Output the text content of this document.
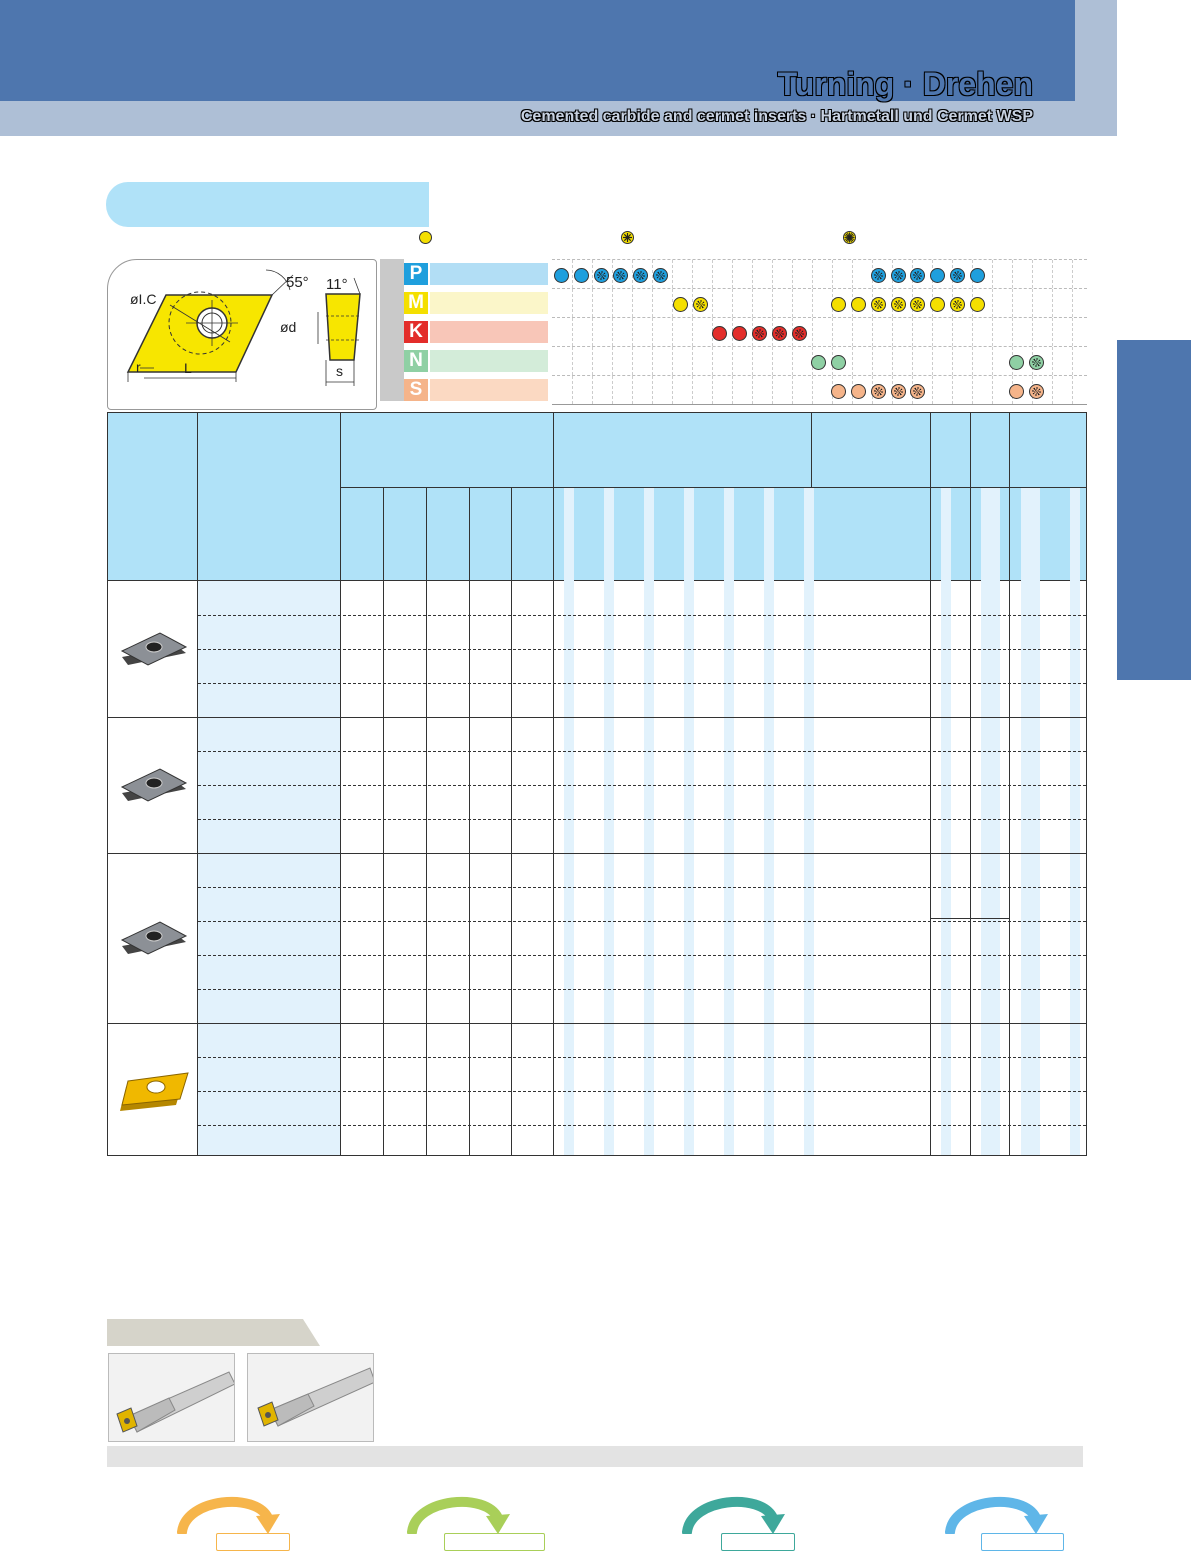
Turning · Drehen
Cemented carbide and cermet inserts · Hartmetall und Cermet WSP
55° 11°
øI.C
ød
r	L	s
P
M
K
N
S
